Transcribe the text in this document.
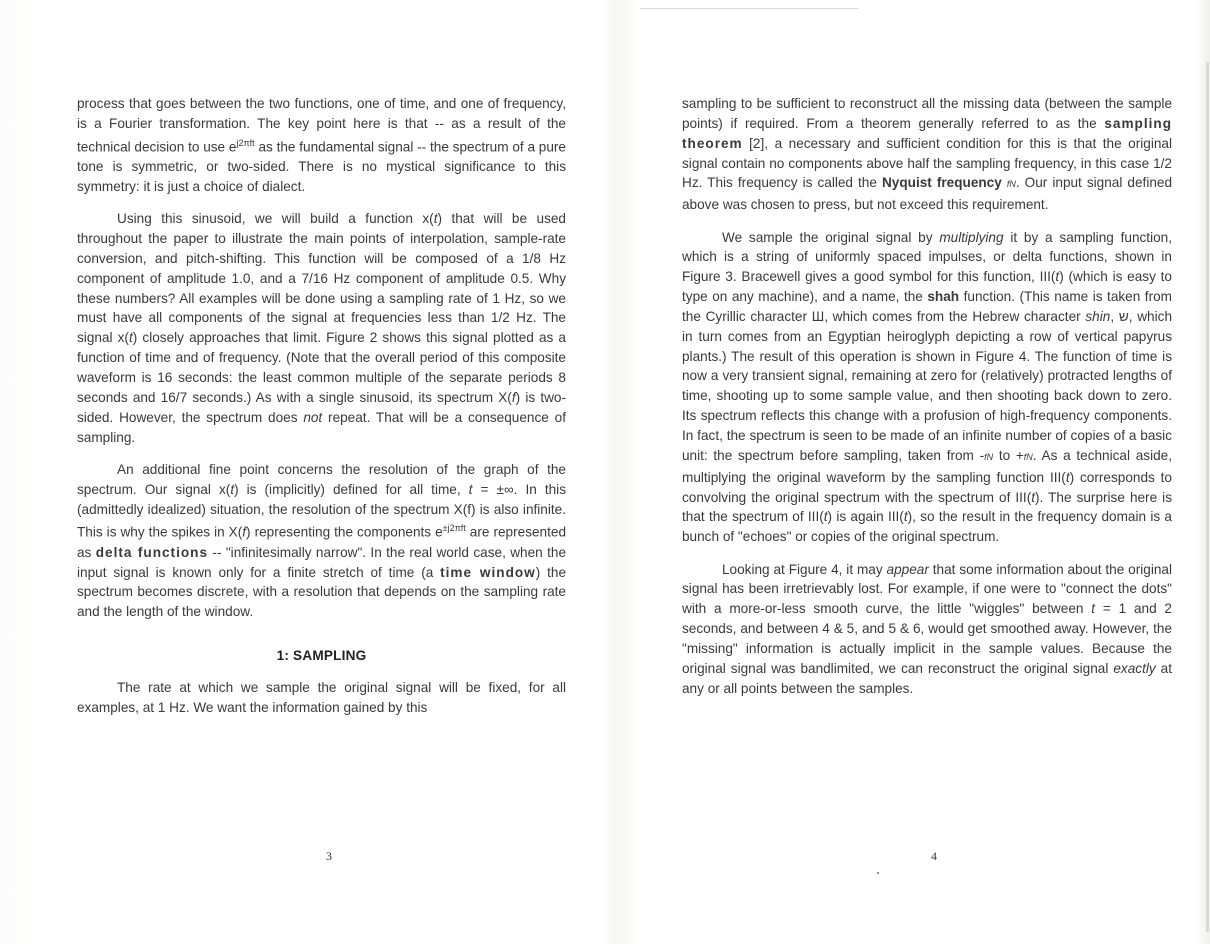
process that goes between the two functions, one of time, and one of frequency, is a Fourier transformation. The key point here is that -- as a result of the technical decision to use $e^{j2\pi ft}$ as the fundamental signal -- the spectrum of a pure tone is symmetric, or two-sided. There is no mystical significance to this symmetry: it is just a choice of dialect.

Using this sinusoid, we will build a function x(t) that will be used throughout the paper to illustrate the main points of interpolation, sample-rate conversion, and pitch-shifting. This function will be composed of a 1/8 Hz component of amplitude 1.0, and a 7/16 Hz component of amplitude 0.5. Why these numbers? All examples will be done using a sampling rate of 1 Hz, so we must have all components of the signal at frequencies less than 1/2 Hz. The signal x(t) closely approaches that limit. Figure 2 shows this signal plotted as a function of time and of frequency. (Note that the overall period of this composite waveform is 16 seconds: the least common multiple of the separate periods 8 seconds and 16/7 seconds.) As with a single sinusoid, its spectrum X(f) is two-sided. However, the spectrum does not repeat. That will be a consequence of sampling.

An additional fine point concerns the resolution of the graph of the spectrum. Our signal x(t) is (implicitly) defined for all time, t = ±∞. In this (admittedly idealized) situation, the resolution of the spectrum X(f) is also infinite. This is why the spikes in X(f) representing the components $e^{\pm j2\pi ft}$ are represented as delta functions -- "infinitesimally narrow". In the real world case, when the input signal is known only for a finite stretch of time (a time window) the spectrum becomes discrete, with a resolution that depends on the sampling rate and the length of the window.

1: SAMPLING

The rate at which we sample the original signal will be fixed, for all examples, at 1 Hz. We want the information gained by this

3

sampling to be sufficient to reconstruct all the missing data (between the sample points) if required. From a theorem generally referred to as the sampling theorem [2], a necessary and sufficient condition for this is that the original signal contain no components above half the sampling frequency, in this case 1/2 Hz. This frequency is called the Nyquist frequency fN. Our input signal defined above was chosen to press, but not exceed this requirement.

We sample the original signal by multiplying it by a sampling function, which is a string of uniformly spaced impulses, or delta functions, shown in Figure 3. Bracewell gives a good symbol for this function, III(t) (which is easy to type on any machine), and a name, the shah function. (This name is taken from the Cyrillic character Ш, which comes from the Hebrew character shin, ש, which in turn comes from an Egyptian heiroglyph depicting a row of vertical papyrus plants.) The result of this operation is shown in Figure 4. The function of time is now a very transient signal, remaining at zero for (relatively) protracted lengths of time, shooting up to some sample value, and then shooting back down to zero. Its spectrum reflects this change with a profusion of high-frequency components. In fact, the spectrum is seen to be made of an infinite number of copies of a basic unit: the spectrum before sampling, taken from -fN to +fN. As a technical aside, multiplying the original waveform by the sampling function III(t) corresponds to convolving the original spectrum with the spectrum of III(t). The surprise here is that the spectrum of III(t) is again III(t), so the result in the frequency domain is a bunch of "echoes" or copies of the original spectrum.

Looking at Figure 4, it may appear that some information about the original signal has been irretrievably lost. For example, if one were to "connect the dots" with a more-or-less smooth curve, the little "wiggles" between t = 1 and 2 seconds, and between 4 & 5, and 5 & 6, would get smoothed away. However, the "missing" information is actually implicit in the sample values. Because the original signal was bandlimited, we can reconstruct the original signal exactly at any or all points between the samples.

4
